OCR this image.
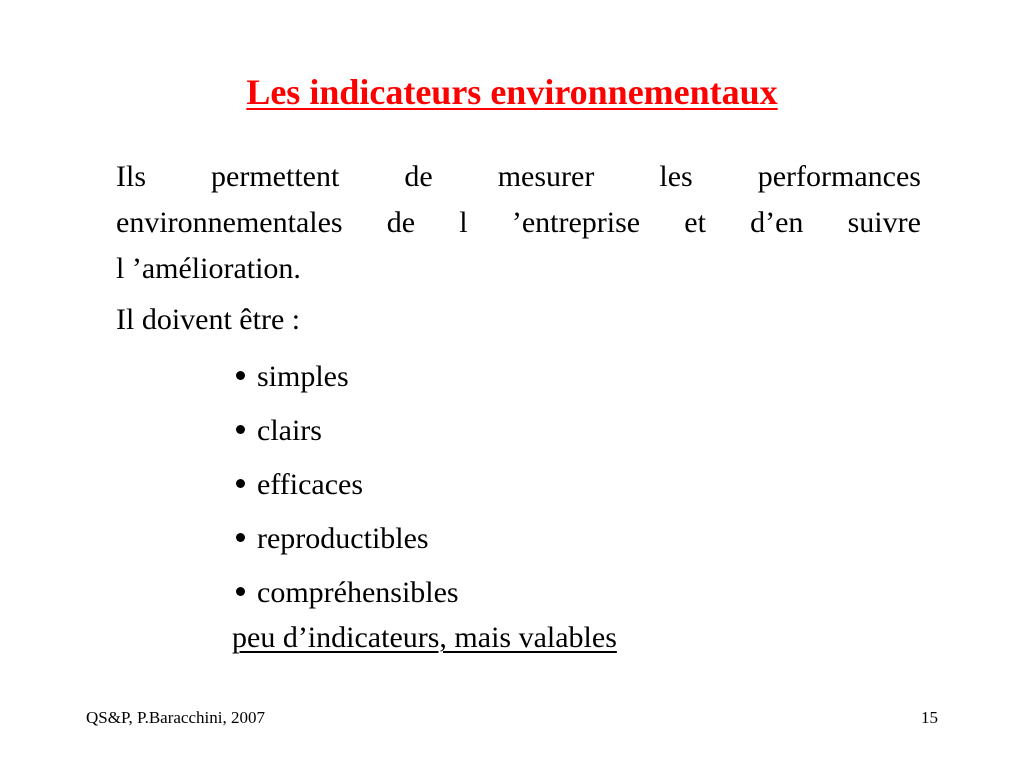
Les indicateurs environnementaux
Ils permettent de mesurer les performances
environnementales de l ’entreprise et d’en suivre
l ’amélioration.
Il doivent être :
simples
clairs
efficaces
reproductibles
compréhensibles
peu d’indicateurs, mais valables
QS&P, P.Baracchini, 2007	15
